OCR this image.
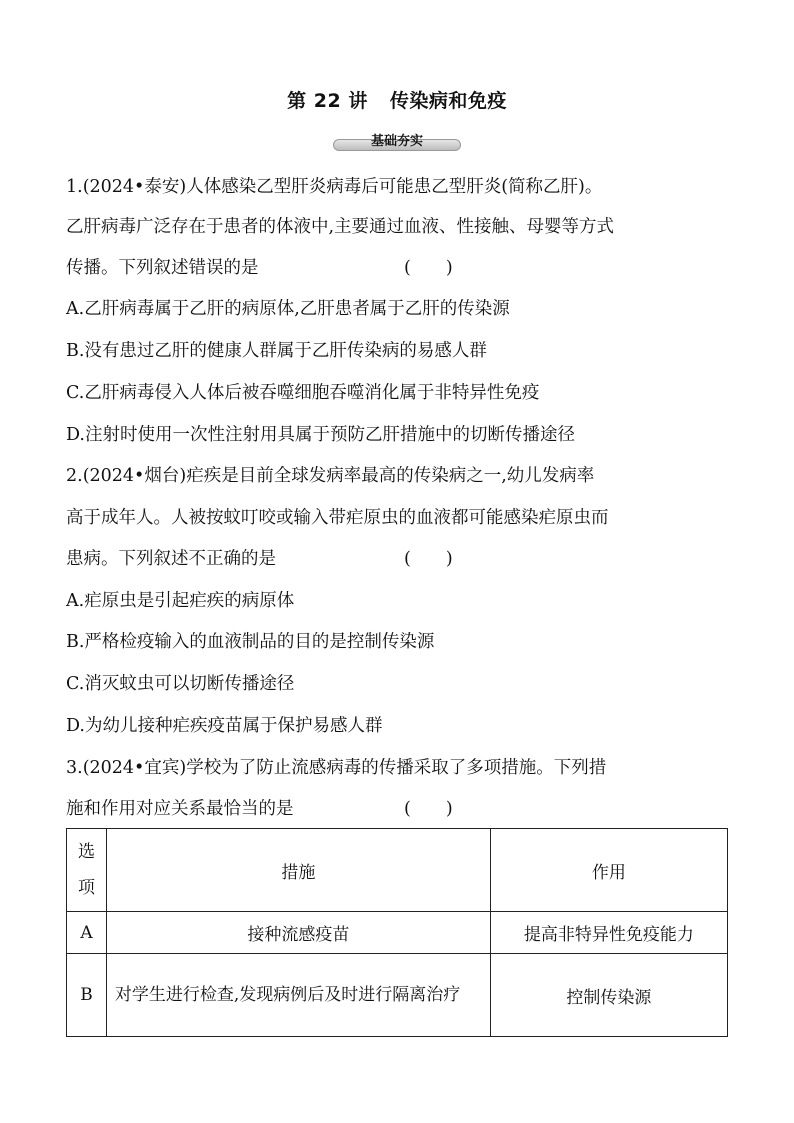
第 22 讲 传染病和免疫
基础夯实
1.(2024•泰安)人体感染乙型肝炎病毒后可能患乙型肝炎(简称乙肝)。
乙肝病毒广泛存在于患者的体液中,主要通过血液、性接触、母婴等方式
传播。下列叙述错误的是	(　　)
A.乙肝病毒属于乙肝的病原体,乙肝患者属于乙肝的传染源
B.没有患过乙肝的健康人群属于乙肝传染病的易感人群
C.乙肝病毒侵入人体后被吞噬细胞吞噬消化属于非特异性免疫
D.注射时使用一次性注射用具属于预防乙肝措施中的切断传播途径
2.(2024•烟台)疟疾是目前全球发病率最高的传染病之一,幼儿发病率
高于成年人。人被按蚊叮咬或输入带疟原虫的血液都可能感染疟原虫而
患病。下列叙述不正确的是	(　　)
A.疟原虫是引起疟疾的病原体
B.严格检疫输入的血液制品的目的是控制传染源
C.消灭蚊虫可以切断传播途径
D.为幼儿接种疟疾疫苗属于保护易感人群
3.(2024•宜宾)学校为了防止流感病毒的传播采取了多项措施。下列措
施和作用对应关系最恰当的是	(　　)
选项	措施	作用
A	接种流感疫苗	提高非特异性免疫能力
B	对学生进行检查,发现病例后及时进行隔离治疗	控制传染源
